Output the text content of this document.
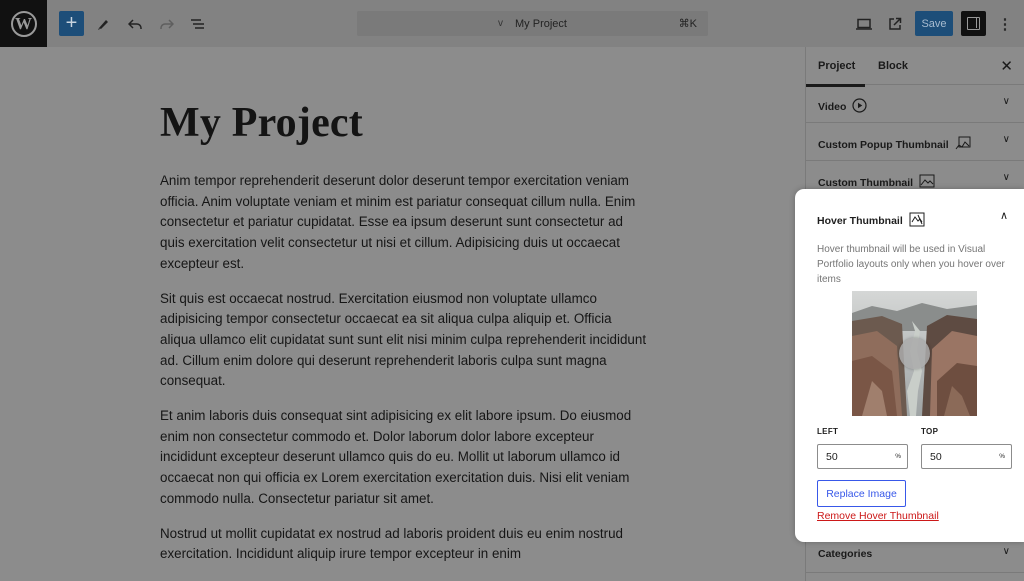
W	+	v My Project	⌘K	Save	⋮
My Project

Anim tempor reprehenderit deserunt dolor deserunt tempor exercitation veniam officia. Anim voluptate veniam et minim est pariatur consequat cillum nulla. Enim consectetur et pariatur cupidatat. Esse ea ipsum deserunt sunt consectetur ad quis exercitation velit consectetur ut nisi et cillum. Adipisicing duis ut occaecat excepteur est.

Sit quis est occaecat nostrud. Exercitation eiusmod non voluptate ullamco adipisicing tempor consectetur occaecat ea sit aliqua culpa aliquip et. Officia aliqua ullamco elit cupidatat sunt sunt elit nisi minim culpa reprehenderit incididunt ad. Cillum enim dolore qui deserunt reprehenderit laboris culpa sunt magna consequat.

Et anim laboris duis consequat sint adipisicing ex elit labore ipsum. Do eiusmod enim non consectetur commodo et. Dolor laborum dolor labore excepteur incididunt excepteur deserunt ullamco quis do eu. Mollit ut laborum ullamco id occaecat non qui officia ex Lorem exercitation exercitation duis. Nisi elit veniam commodo nulla. Consectetur pariatur sit amet.

Nostrud ut mollit cupidatat ex nostrud ad laboris proident duis eu enim nostrud exercitation. Incididunt aliquip irure tempor excepteur in enim

Project Block	✕
Video	∨
Custom Popup Thumbnail	∨
Custom Thumbnail	∨
Categories	∨
Hover Thumbnail	∧

Hover thumbnail will be used in Visual Portfolio layouts only when you hover over items

LEFT	TOP
50	%	50	%
Replace Image
Remove Hover Thumbnail
